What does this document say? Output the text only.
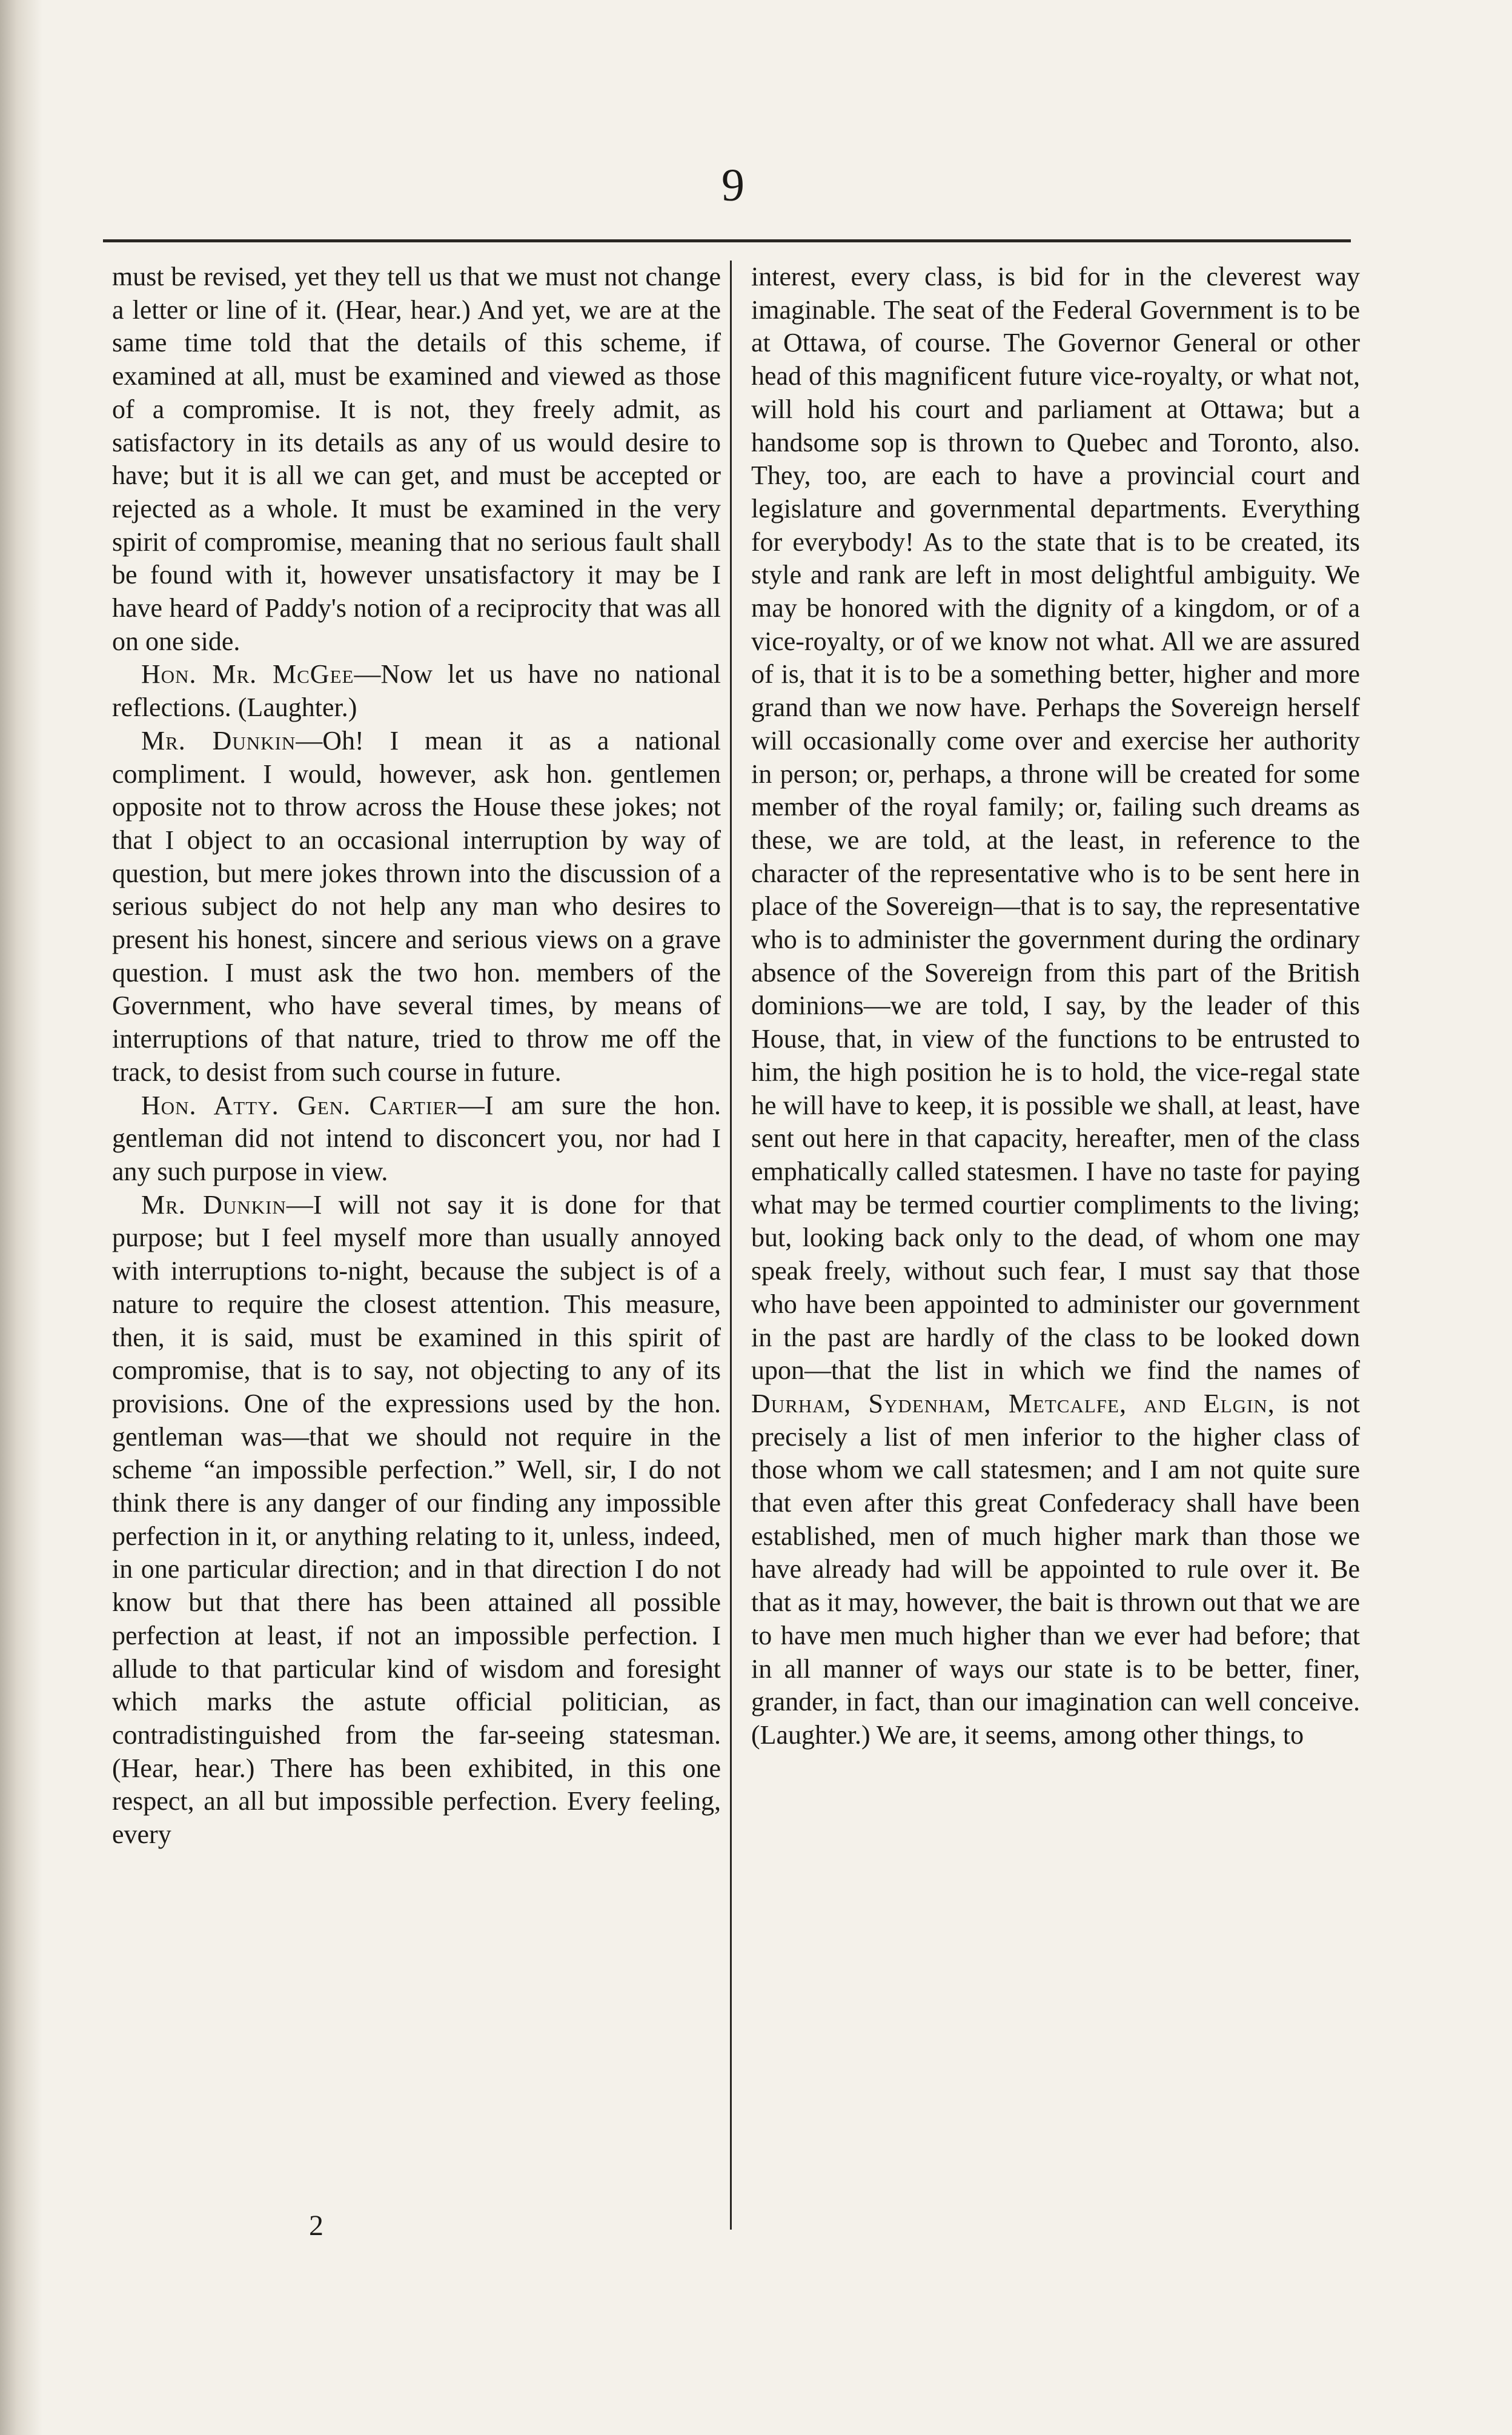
9

must be revised, yet they tell us that we must not change a letter or line of it. (Hear, hear.) And yet, we are at the same time told that the details of this scheme, if examined at all, must be examined and viewed as those of a compromise. It is not, they freely admit, as satisfactory in its details as any of us would desire to have; but it is all we can get, and must be accepted or rejected as a whole. It must be examined in the very spirit of compromise, meaning that no serious fault shall be found with it, however unsatisfactory it may be I have heard of Paddy's notion of a reciprocity that was all on one side.

Hon. Mr. McGee—Now let us have no national reflections. (Laughter.)

Mr. Dunkin—Oh! I mean it as a national compliment. I would, however, ask hon. gentlemen opposite not to throw across the House these jokes; not that I object to an occasional interruption by way of question, but mere jokes thrown into the discussion of a serious subject do not help any man who desires to present his honest, sincere and serious views on a grave question. I must ask the two hon. members of the Government, who have several times, by means of interruptions of that nature, tried to throw me off the track, to desist from such course in future.

Hon. Atty. Gen. Cartier—I am sure the hon. gentleman did not intend to disconcert you, nor had I any such purpose in view.

Mr. Dunkin—I will not say it is done for that purpose; but I feel myself more than usually annoyed with interruptions to-night, because the subject is of a nature to require the closest attention. This measure, then, it is said, must be examined in this spirit of compromise, that is to say, not objecting to any of its provisions. One of the expressions used by the hon. gentleman was—that we should not require in the scheme “an impossible perfection.” Well, sir, I do not think there is any danger of our finding any impossible perfection in it, or anything relating to it, unless, indeed, in one particular direction; and in that direction I do not know but that there has been attained all possible perfection at least, if not an impossible perfection. I allude to that particular kind of wisdom and foresight which marks the astute official politician, as contradistinguished from the far-seeing statesman. (Hear, hear.) There has been exhibited, in this one respect, an all but impossible perfection. Every feeling, every

interest, every class, is bid for in the cleverest way imaginable. The seat of the Federal Government is to be at Ottawa, of course. The Governor General or other head of this magnificent future vice-royalty, or what not, will hold his court and parliament at Ottawa; but a handsome sop is thrown to Quebec and Toronto, also. They, too, are each to have a provincial court and legislature and governmental departments. Everything for everybody! As to the state that is to be created, its style and rank are left in most delightful ambiguity. We may be honored with the dignity of a kingdom, or of a vice-royalty, or of we know not what. All we are assured of is, that it is to be a something better, higher and more grand than we now have. Perhaps the Sovereign herself will occasionally come over and exercise her authority in person; or, perhaps, a throne will be created for some member of the royal family; or, failing such dreams as these, we are told, at the least, in reference to the character of the representative who is to be sent here in place of the Sovereign—that is to say, the representative who is to administer the government during the ordinary absence of the Sovereign from this part of the British dominions—we are told, I say, by the leader of this House, that, in view of the functions to be entrusted to him, the high position he is to hold, the vice-regal state he will have to keep, it is possible we shall, at least, have sent out here in that capacity, hereafter, men of the class emphatically called statesmen. I have no taste for paying what may be termed courtier compliments to the living; but, looking back only to the dead, of whom one may speak freely, without such fear, I must say that those who have been appointed to administer our government in the past are hardly of the class to be looked down upon—that the list in which we find the names of Durham, Sydenham, Metcalfe, and Elgin, is not precisely a list of men inferior to the higher class of those whom we call statesmen; and I am not quite sure that even after this great Confederacy shall have been established, men of much higher mark than those we have already had will be appointed to rule over it. Be that as it may, however, the bait is thrown out that we are to have men much higher than we ever had before; that in all manner of ways our state is to be better, finer, grander, in fact, than our imagination can well conceive. (Laughter.) We are, it seems, among other things, to

2
